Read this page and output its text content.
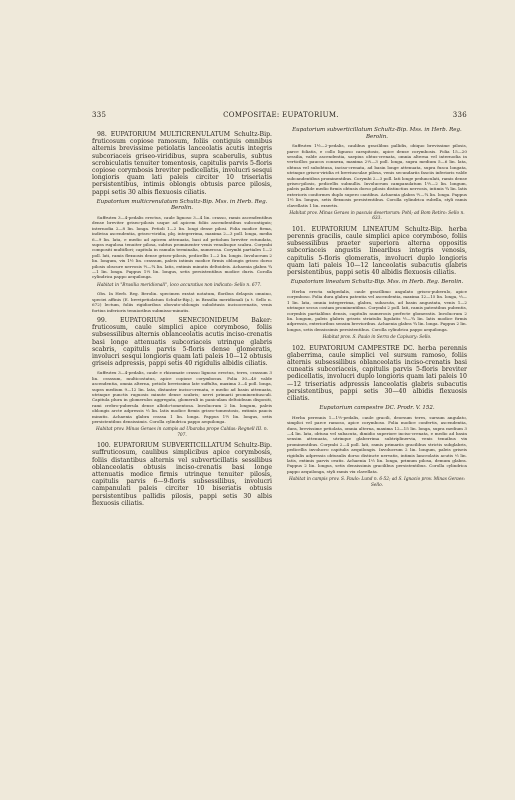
335	COMPOSITAE: EUPATORIUM.	336

98. EUPATORIUM MULTICRENULATUM Schultz-Bip. fruticosum copiose ramosum, foliis contiguis omnibus alternis brevissime petiolatis lanceolatis acutis integris subcoriaceis griseo-viridibus, supra scaberulis, subtus scrobiculatis tenuiter tomentosis, capitulis parvis 5-floris copiose corymbosis breviter pedicellatis, involucri sesqui longioris quam lati paleis circiter 10 triseriatis persistentibus, intimis oblongis obtusis parce pilosis, pappi setis 30 albis flexuosis ciliatis.

Eupatorium multicrenulatum Schultz-Bip. Mss. in Herb. Reg. Berolin.

Suffrutex 3—4-pedalis erectus, caule lignoso 3—4 lin. crasso, ramis ascendentibus dense breviter griseo-pilosis usque ad apicem foliis ascendentibus subcontiguis; internodia 2—8 lin. longa. Petioli 1—2 lin. longi dense pilosi. Folia modice firma, indivisa ascendentia, griseo-viridia, plq. integerrima, maxima 2—3 poll. longa, media 6—9 lin. lata, e medio ad apicem attenuata, basi ad petiolum breviter rotundata, supra rugulosa tenuiter pilosa, subtus prominenter venis venulisque scabra. Corymbi compositi multiflori; capitula in ramulis terminalia, numerosa. Corymbi partiales 1—2 poll. lati, ramis flexuosis dense griseo-pilosis, pedicellis 1—2 lin. longis. Involucrum 2 lin. longum, vix 1½ lin. crassum, paleis intimis modice firmis oblongis griseo dorso pilosis obscure nervosis ½—¾ lin. latis, extimis minutis deltoideis. Achaenia glabra ¾—1 lin. longa. Pappus 1⅓ lin. longus, setis persistentibus modice duris. Corolla cylindrica pappo aequilonga.

Habitat in "Brasilia meridionali", loco accuratius non indicato: Sello n. 677.

Obs. In Herb. Reg. Berolin. specimen exstat notatum, floribus delapsis omnino, speciei affinis (E. brevipetiolatum Schultz-Bip.), in Brasilia meridionali (a t. Sello n. 672) lectum, foliis rigidioribus obovato-oblongis subobtusis incisocrenatis, venis fortius inferioris tenuioribus submisso-minutis.

99. EUPATORIUM SENECIONIDEUM Baker: fruticosum, caule simplici apice corymboso, foliis subsessilibus alternis oblanceolatis acutis inciso-crenatis basi longe attenuatis subcoriaceis utrinque glabris scabris, capitulis parvis 5-floris dense glomeratis, involucri sesqui longioris quam lati paleis 10—12 obtusis griseis adpressis, pappi setis 40 rigidulis albidis ciliatis.

Suffrutex 3—4-pedalis, caule e rhizomate crasso lignoso erectus, teres, crassum 3 lin. crassum, multicostatus, apice copiose corymbosus. Folia 30—40 valde ascendentia, omnia alterna, petiolo brevissimo late suffulta, maxima 3—4 poll. longa, supra medium 9—12 lin. lata, distanter inciso-crenata, e medio ad basin attenuata, utrinque punctis ruguosis minute dense scabris; nervi primarii prominentiusculi. Capitula plura in glomerulos aggregata, glomeruli in paniculam deltoideam dispositi, rami crebro-puberula dense albido-tomentosa. Involucrum 2 lin. longum, paleis oblongis arcte adpressis ⅓ lin. latis modice firmis griseo-tomentosis, extimis paucis minutis. Achaenia glabra crassa 1 lin. longa. Pappus 1½ lin. longus, setis persistentibus densissimis. Corolla cylindrica pappo aequilonga.

Habitat prov. Minas Geraes in campis ad Ubaraba prope Caldas: Regnell III. n. 707.

100. EUPATORIUM SUBVERTICILLATUM Schultz-Bip. suffruticosum, caulibus simplicibus apice corymbosis, foliis distantibus alternis vel subverticillatis sessilibus oblanceolatis obtusis inciso-crenatis basi longe attenuatis modice firmis utrinque tenuiter pilosis, capitulis parvis 6—9-floris subsessilibus, involucri campanulati paleis circiter 10 biseriatis obtusis persistentibus pallidis pilosis, pappi setis 30 albis flexuosis ciliatis.

Eupatorium subverticillatum Schultz-Bip. Mss. in Herb. Reg. Berolin.

Suffrutex 1½—2-pedalis, caulibus gracilibus pallidis, obiquo brevissime pilosis, parce foliatis, e collo lignoso caespitosis, apice dense corymbosis. Folia 15—20 sessilia, valde ascendentia, saepius obtus-crenata, omnia alterna vel internodia in verticillos paucos connexa, maxima 2⅓—3 poll. longa, supra medium 5—6 lin. lata, obtusa vel subobtusa, inciso-crenata, ad basin longe attenuata, supra fusca longata, utrinque griseo-viridia et breviusculae pilosa, venis secundariis fasciis inferioris valde subcandentibus prominentibus. Corymbi 2—3 poll. lati longe pedunculati, ramis dense griseo-pilosis, pedicellis subnullis. Involucrum campanulatum 1½—2 lin. longum, paleis pallide medio firmis obtusis dorso pilosis distinctius nervosis, intimis ¾ lin. latis exterioris conformes duplo supero cantibus. Achaenia glabra ½—¾ lin. longa. Pappus 1⅓ lin. longus, setis flexuosis persistentibus. Corolla cylindrica rubella, styli ramis clavellatis 1 lin. exsertis.

Habitat prov. Minas Geraes in pascuis desertorum: Pohl; ad Bom Retiro: Sello n. 633.

101. EUPATORIUM LINEATUM Schultz-Bip. herba perennis gracilis, caule simplici apice corymboso, foliis subsessilibus praeter superiora alterna oppositis subcoriaceis angustis linearibus integris venosis, capitulis 5-floris glomeratis, involucri duplo longioris quam lati paleis 10—12 lanceolatis subacutis glabris persistentibus, pappi setis 40 albidis flexuosis ciliatis.

Eupatorium lineatum Schultz-Bip. Mss. in Herb. Reg. Berolin.

Herba erecta subpedalis, caule gracillimo angulato griseo-puberulo, apice corymboso. Folia dura glabra patentia vel ascendentia, maxima 12—15 lin. longa, ⅓—1 lin. lata, omnia integerrima, glabra, subacuta, ad basin angustata, venis 1—2 utrinque secus costam prominentibus. Corymbi 2 poll. lati, ramis patentibus pubentis, corymbis partialibus densis, capitulis numerosis perfecte glomeratis. Involucrum 2 lin. longum, paleis glabris griseis striatulis ligulatis ½—¾ lin. latis modice firmis adpressis, exterioribus sensim brevioribus. Achaenia glabra ¾ lin. longa. Pappus 2 lin. longus, setis densissimis persistentibus. Corolla cylindrica pappo aequilonga.

Habitat prov. S. Paulo in Serra de Capivary: Sello.

102. EUPATORIUM CAMPESTRE DC. herba perennis glaberrima, caule simplici vel sursum ramoso, foliis alternis subsessilibus oblanceolatis inciso-crenatis basi cuneatis subcoriaceis, capitulis parvis 5-floris breviter pedicellatis, involucri duplo longioris quam lati paleis 10—12 triseriatis adpressis lanceolatis glabris subacutis persistentibus, pappi setis 30—40 albidis flexuosis ciliatis.

Eupatorium campestre DC. Prodr. V. 152.

Herba perennis 1—1½-pedalis, caule gracili, deorsum teres, sursum angulato, simplici vel parce ramoso, apice corymboso. Folia modice confertis, ascendentia, dura, brevissime petiolata, omnia alterna, maxima 12—15 lin. longa, supra medium 3—4 lin. lata, obtusa vel subacuta, dimidio superiore inciso-crenata, e medio ad basin sensim attenuata, utrinque glaberrima subtriplinervia, venis tenuibus vix prominentibus. Corymbi 2—4 poll. lati, ramis primariis gracilibus strictis subglabris, pedicellis involucro capitulis aequilongis. Involucrum 2 lin. longum, paleis griseis rigidulis adpressis obtusulis dorso distincte nervatis, intimis lanceolatis acutis ⅓ lin. latis, extimis parvis ovatis. Achaenia 1⅓ lin. longa, primum pilosa, demum glabra. Pappus 2 lin. longus, setis densissimis gracilibus persistentibus. Corolla cylindrica pappo aequilonga, styli ramis vix clavellata.

Habitat in campis prov. S. Paulo: Lund n. 6-52; ad S. Ignacio prov. Minas Geraes: Sello.
